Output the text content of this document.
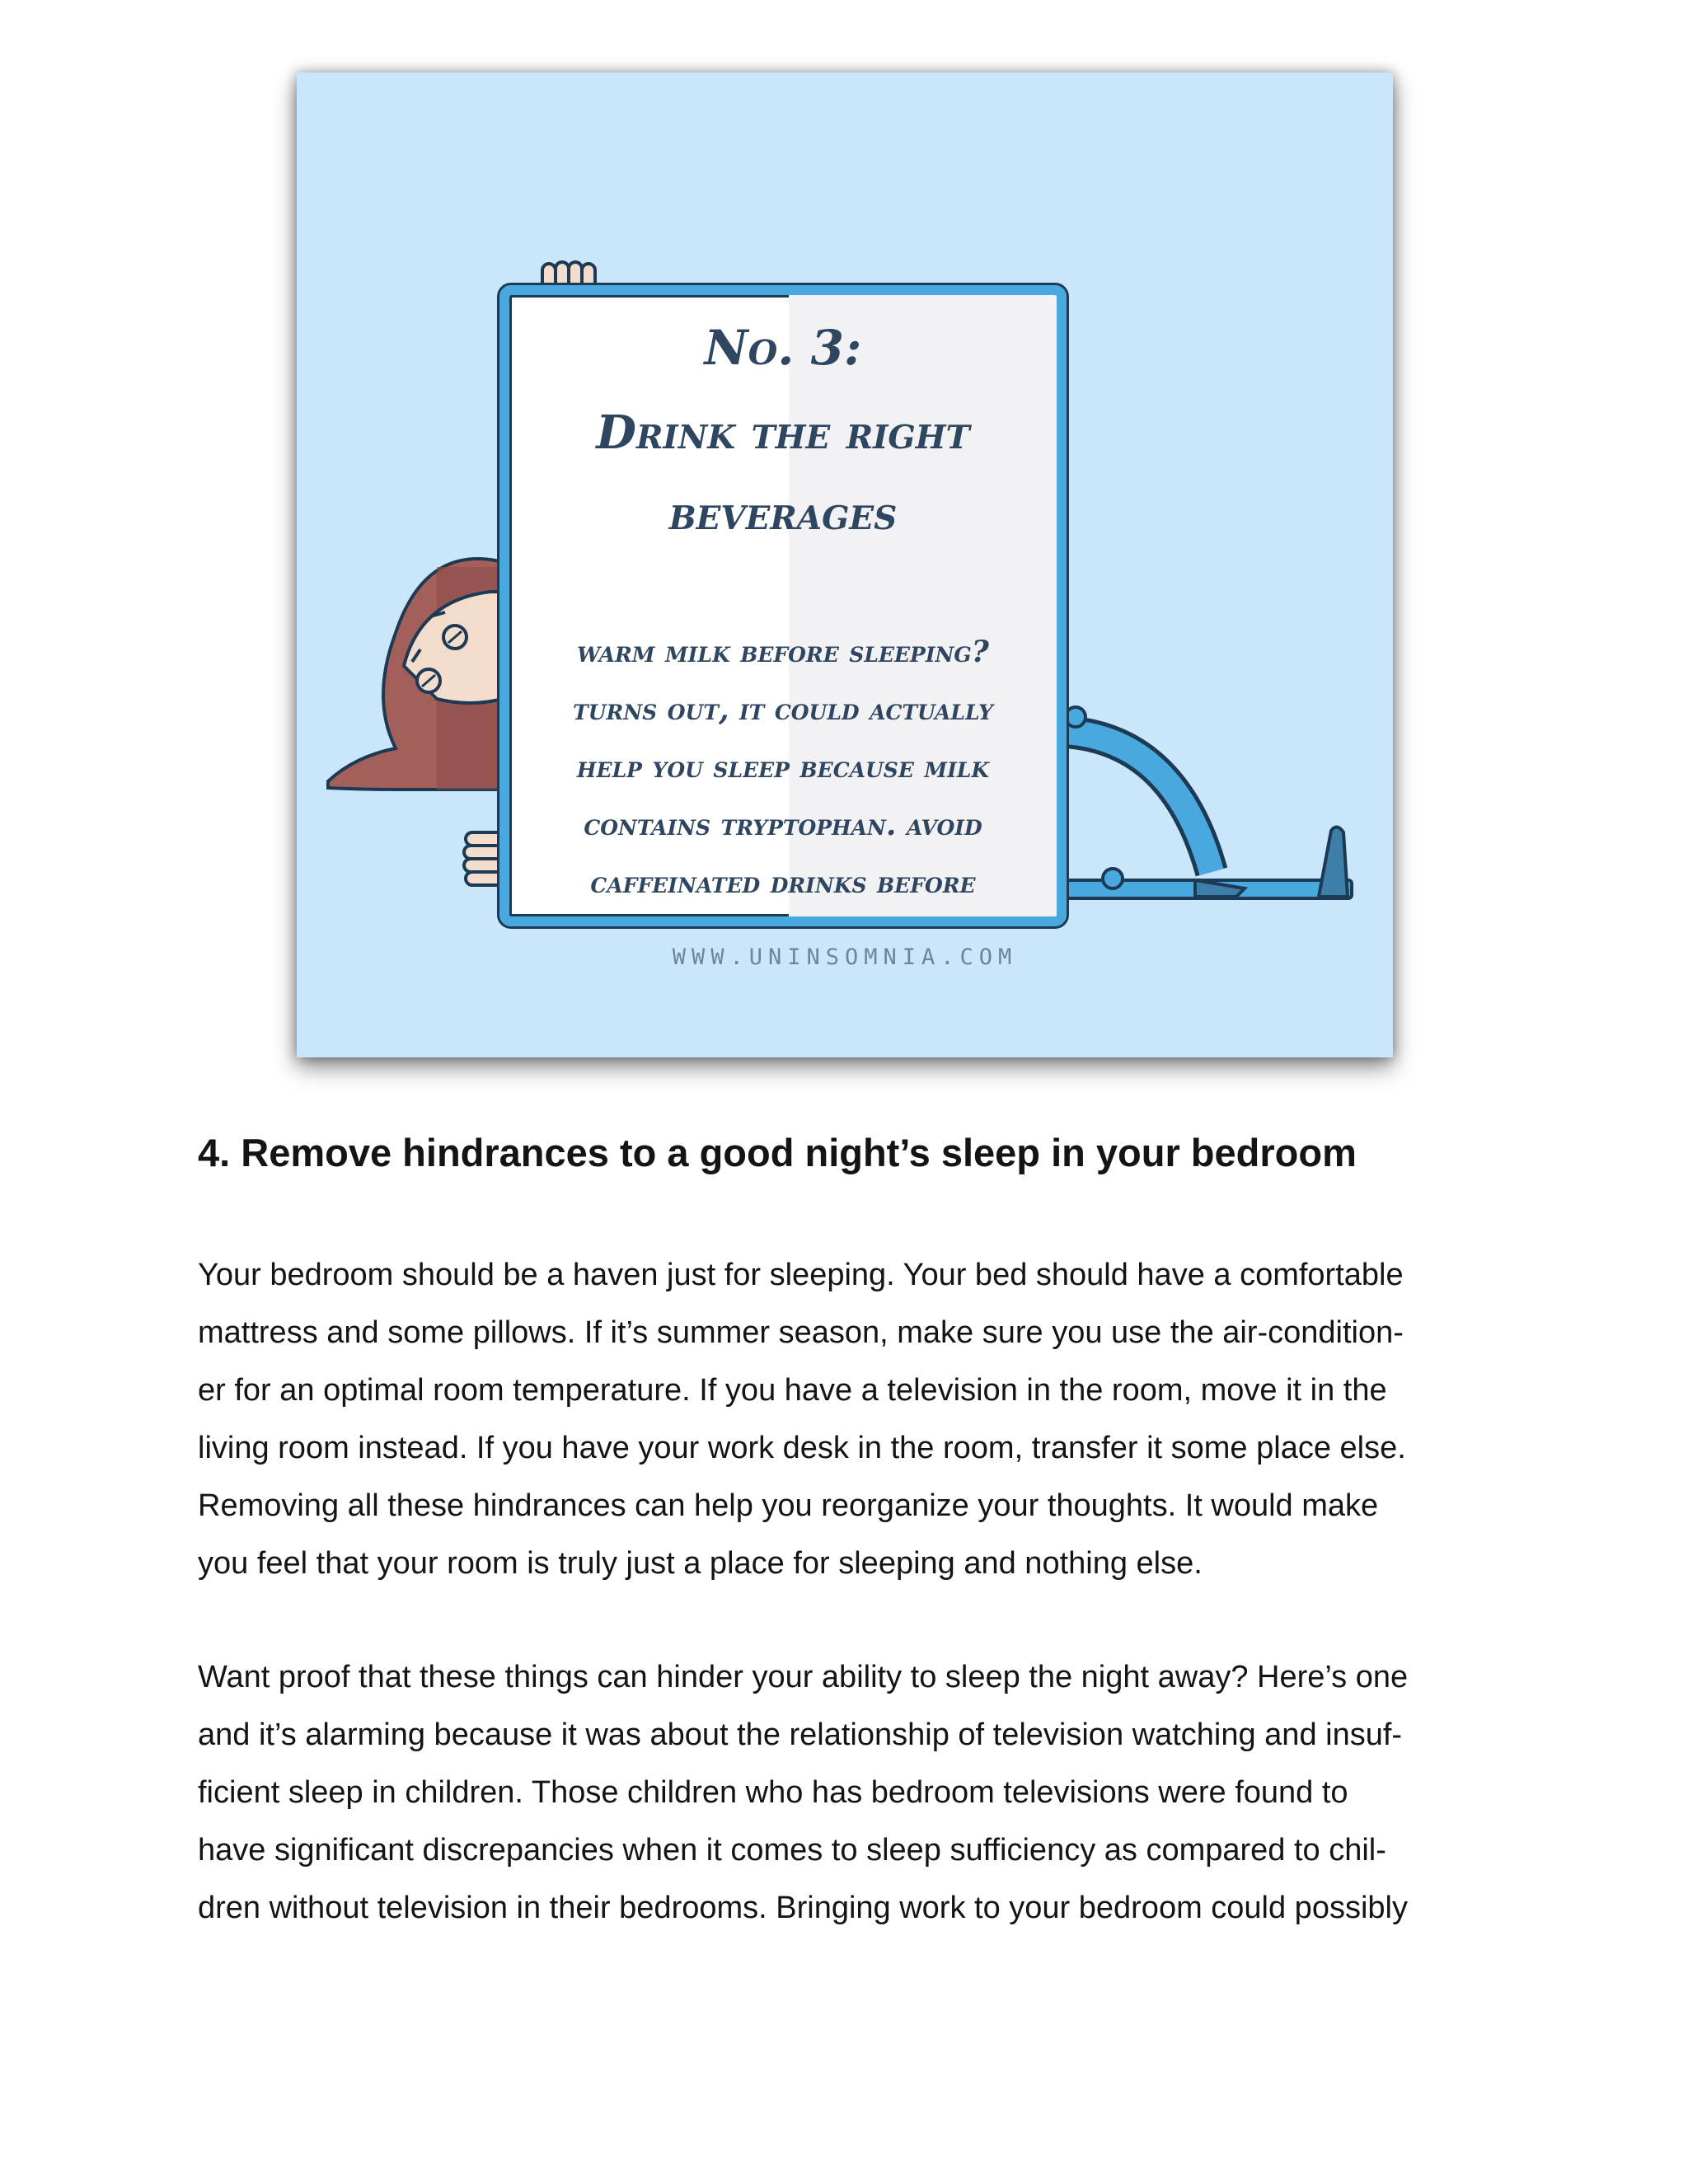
No. 3:
Drink the right
beverages
warm milk before sleeping?
turns out, it could actually
help you sleep because milk
contains tryptophan. avoid
caffeinated drinks before
WWW.UNINSOMNIA.COM
4. Remove hindrances to a good night’s sleep in your bedroom
Your bedroom should be a haven just for sleeping. Your bed should have a comfortable
mattress and some pillows. If it’s summer season, make sure you use the air-condition-
er for an optimal room temperature. If you have a television in the room, move it in the
living room instead. If you have your work desk in the room, transfer it some place else.
Removing all these hindrances can help you reorganize your thoughts. It would make
you feel that your room is truly just a place for sleeping and nothing else.
Want proof that these things can hinder your ability to sleep the night away? Here’s one
and it’s alarming because it was about the relationship of television watching and insuf-
ficient sleep in children. Those children who has bedroom televisions were found to
have significant discrepancies when it comes to sleep sufficiency as compared to chil-
dren without television in their bedrooms. Bringing work to your bedroom could possibly
